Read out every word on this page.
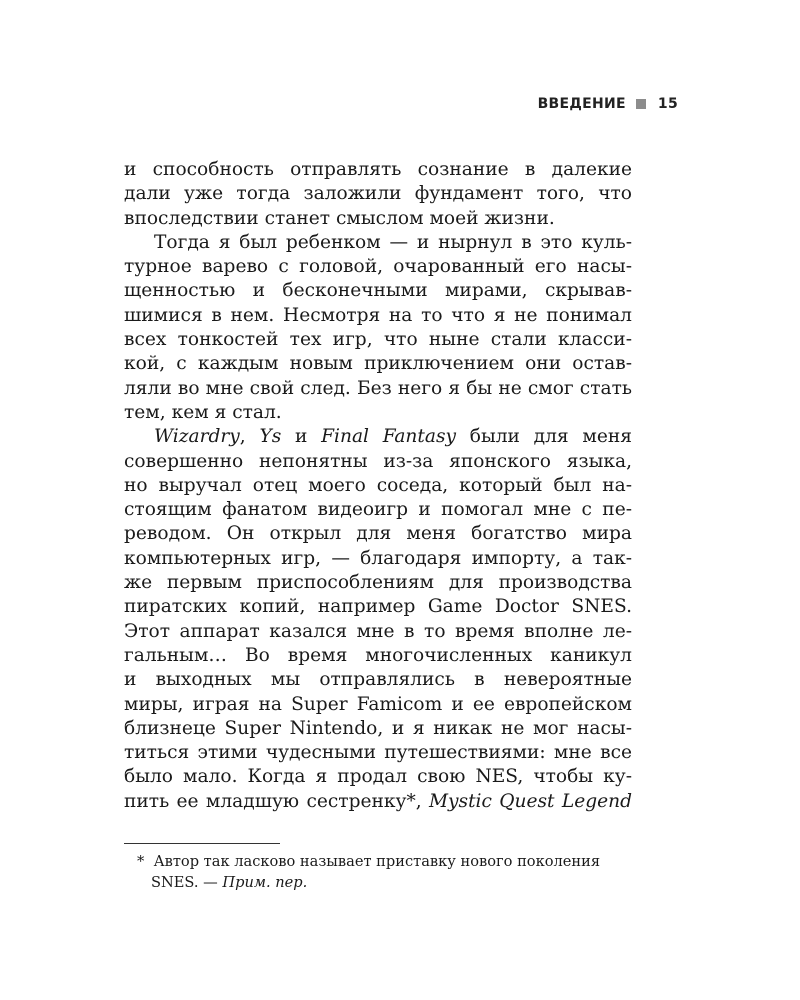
ВВЕДЕНИЕ 15
и способность отправлять сознание в далекие
дали уже тогда заложили фундамент того, что
впоследствии станет смыслом моей жизни.
Тогда я был ребенком — и нырнул в это куль-
турное варево с головой, очарованный его насы-
щенностью и бесконечными мирами, скрывав-
шимися в нем. Несмотря на то что я не понимал
всех тонкостей тех игр, что ныне стали класси-
кой, с каждым новым приключением они остав-
ляли во мне свой след. Без него я бы не смог стать
тем, кем я стал.
Wizardry, Ys и Final Fantasy были для меня
совершенно непонятны из-за японского языка,
но выручал отец моего соседа, который был на-
стоящим фанатом видеоигр и помогал мне с пе-
реводом. Он открыл для меня богатство мира
компьютерных игр, — благодаря импорту, а так-
же первым приспособлениям для производства
пиратских копий, например Game Doctor SNES.
Этот аппарат казался мне в то время вполне ле-
гальным… Во время многочисленных каникул
и выходных мы отправлялись в невероятные
миры, играя на Super Famicom и ее европейском
близнеце Super Nintendo, и я никак не мог насы-
титься этими чудесными путешествиями: мне все
было мало. Когда я продал свою NES, чтобы ку-
пить ее младшую сестренку*, Mystic Quest Legend
* Автор так ласково называет приставку нового поколения
SNES. — Прим. пер.
